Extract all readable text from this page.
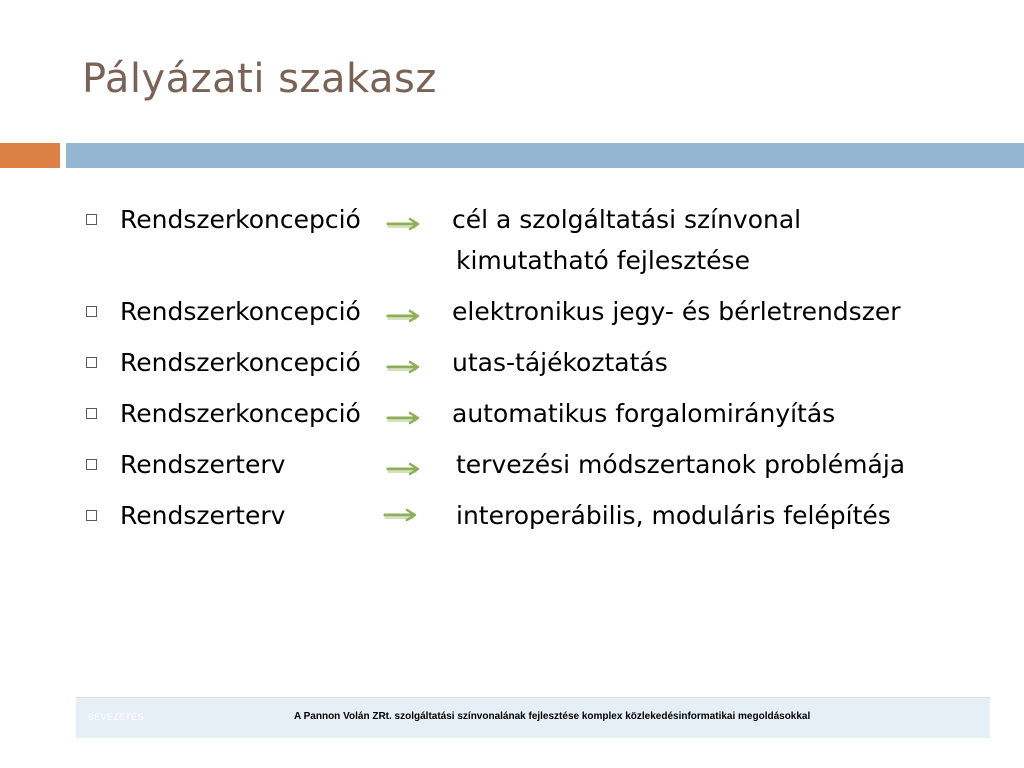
Pályázati szakasz
Rendszerkoncepció	cél a szolgáltatási színvonal
kimutatható fejlesztése
Rendszerkoncepció	elektronikus jegy- és bérletrendszer
Rendszerkoncepció	utas-tájékoztatás
Rendszerkoncepció	automatikus forgalomirányítás
Rendszerterv	tervezési módszertanok problémája
Rendszerterv	interoperábilis, moduláris felépítés
BEVEZETÉS	A Pannon Volán ZRt. szolgáltatási színvonalának fejlesztése komplex közlekedésinformatikai megoldásokkal
